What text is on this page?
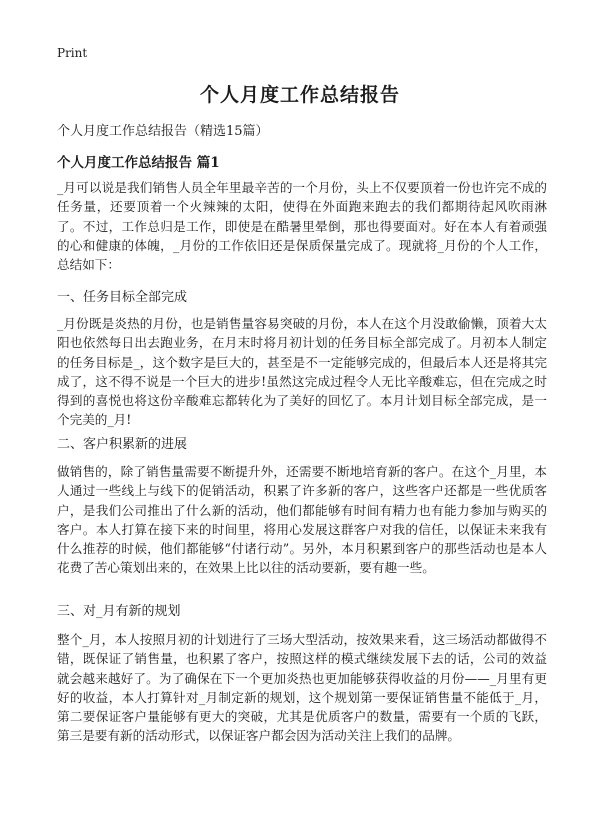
Print
个人月度工作总结报告
个人月度工作总结报告（精选15篇）
个人月度工作总结报告 篇1

_月可以说是我们销售人员全年里最辛苦的一个月份，头上不仅要顶着一份也许完不成的任务量，还要顶着一个火辣辣的太阳，使得在外面跑来跑去的我们都期待起风吹雨淋了。不过，工作总归是工作，即使是在酷暑里晕倒，那也得要面对。好在本人有着顽强的心和健康的体魄，_月份的工作依旧还是保质保量完成了。现就将_月份的个人工作，总结如下：

一、任务目标全部完成

_月份既是炎热的月份，也是销售量容易突破的月份，本人在这个月没敢偷懒，顶着大太阳也依然每日出去跑业务，在月末时将月初计划的任务目标全部完成了。月初本人制定的任务目标是_，这个数字是巨大的，甚至是不一定能够完成的，但最后本人还是将其完成了，这不得不说是一个巨大的进步!虽然这完成过程令人无比辛酸难忘，但在完成之时得到的喜悦也将这份辛酸难忘都转化为了美好的回忆了。本月计划目标全部完成，是一个完美的_月!

二、客户积累新的进展

做销售的，除了销售量需要不断提升外，还需要不断地培育新的客户。在这个_月里，本人通过一些线上与线下的促销活动，积累了许多新的客户，这些客户还都是一些优质客户，是我们公司推出了什么新的活动，他们都能够有时间有精力也有能力参加与购买的客户。本人打算在接下来的时间里，将用心发展这群客户对我的信任，以保证未来我有什么推荐的时候，他们都能够“付诸行动”。另外，本月积累到客户的那些活动也是本人花费了苦心策划出来的，在效果上比以往的活动要新，要有趣一些。

三、对_月有新的规划

整个_月，本人按照月初的计划进行了三场大型活动，按效果来看，这三场活动都做得不错，既保证了销售量，也积累了客户，按照这样的模式继续发展下去的话，公司的效益就会越来越好了。为了确保在下一个更加炎热也更加能够获得收益的月份——_月里有更好的收益，本人打算针对_月制定新的规划，这个规划第一要保证销售量不能低于_月，第二要保证客户量能够有更大的突破，尤其是优质客户的数量，需要有一个质的飞跃，第三是要有新的活动形式，以保证客户都会因为活动关注上我们的品牌。
